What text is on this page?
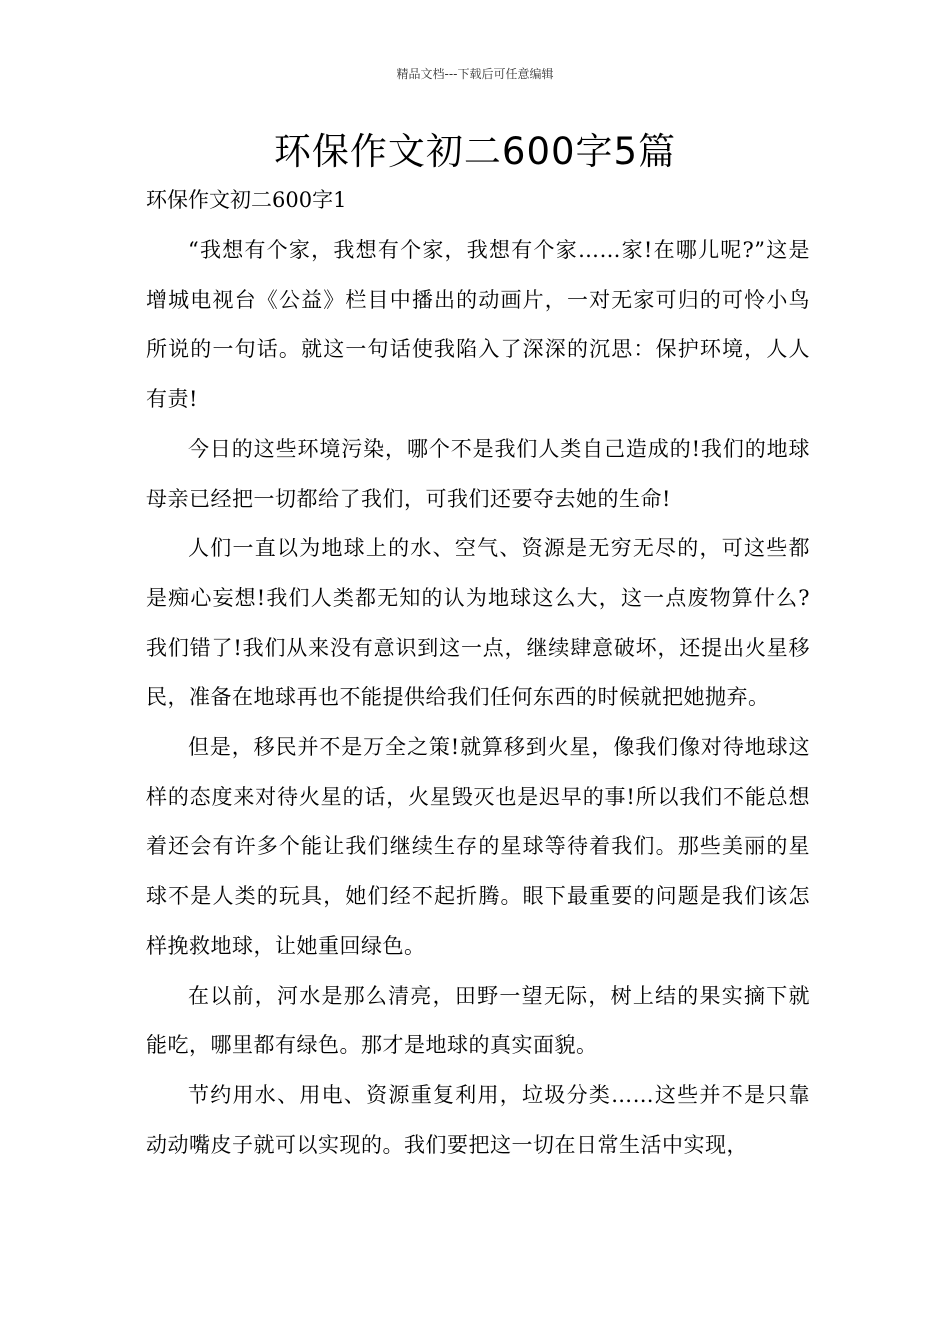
精品文档---下载后可任意编辑
环保作文初二600字5篇
环保作文初二600字1

“我想有个家，我想有个家，我想有个家……家!在哪儿呢?”这是增城电视台《公益》栏目中播出的动画片，一对无家可归的可怜小鸟所说的一句话。就这一句话使我陷入了深深的沉思：保护环境，人人有责!

今日的这些环境污染，哪个不是我们人类自己造成的!我们的地球母亲已经把一切都给了我们，可我们还要夺去她的生命!

人们一直以为地球上的水、空气、资源是无穷无尽的，可这些都是痴心妄想!我们人类都无知的认为地球这么大，这一点废物算什么?我们错了!我们从来没有意识到这一点，继续肆意破坏，还提出火星移民，准备在地球再也不能提供给我们任何东西的时候就把她抛弃。

但是，移民并不是万全之策!就算移到火星，像我们像对待地球这样的态度来对待火星的话，火星毁灭也是迟早的事!所以我们不能总想着还会有许多个能让我们继续生存的星球等待着我们。那些美丽的星球不是人类的玩具，她们经不起折腾。眼下最重要的问题是我们该怎样挽救地球，让她重回绿色。

在以前，河水是那么清亮，田野一望无际，树上结的果实摘下就能吃，哪里都有绿色。那才是地球的真实面貌。

节约用水、用电、资源重复利用，垃圾分类……这些并不是只靠动动嘴皮子就可以实现的。我们要把这一切在日常生活中实现，
